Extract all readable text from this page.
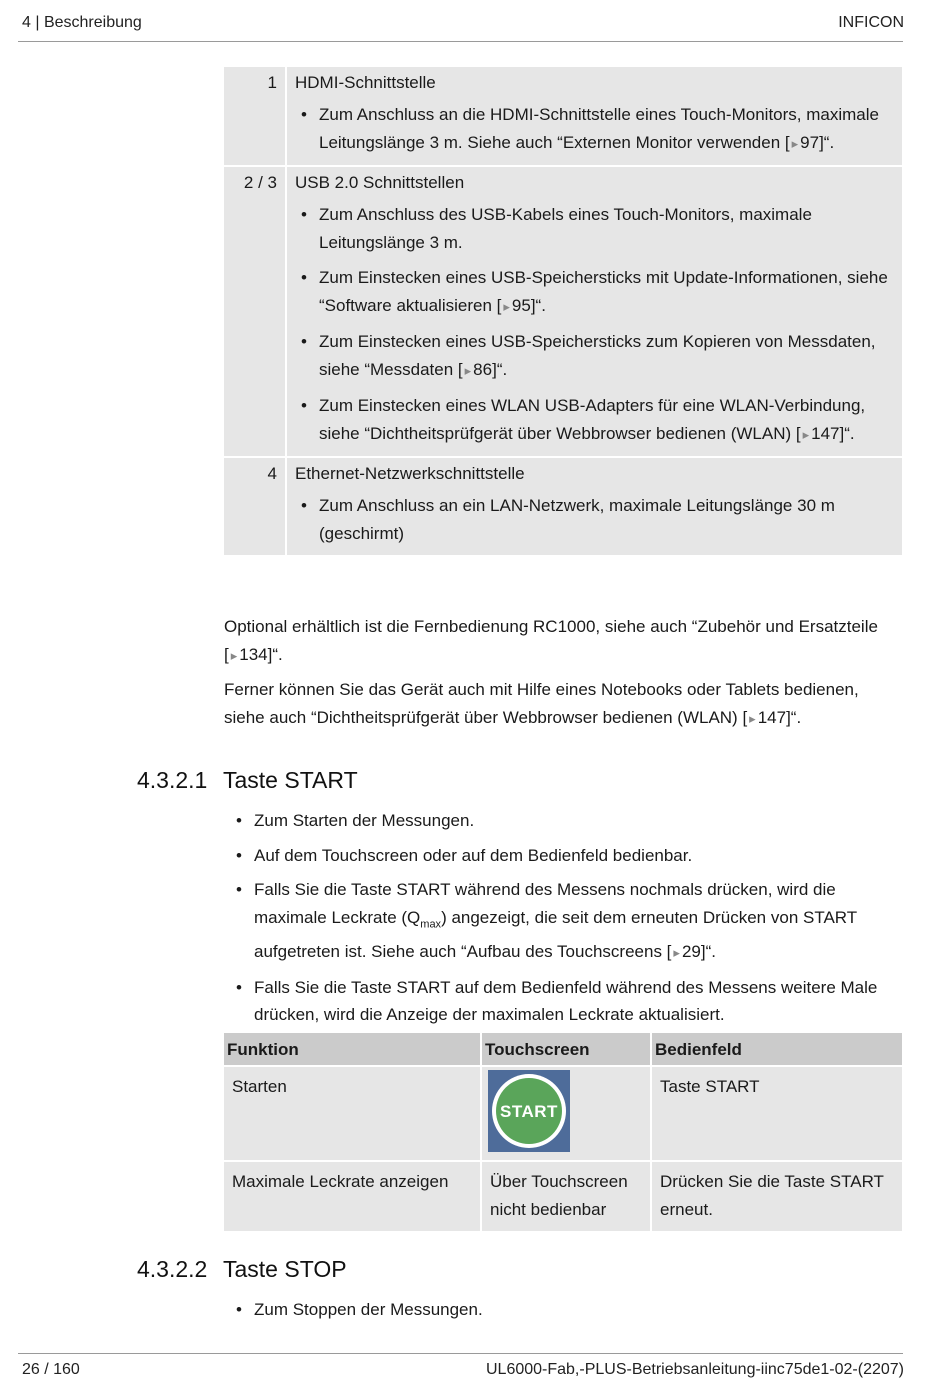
4 | Beschreibung	INFICON
1	HDMI-Schnittstelle
• Zum Anschluss an die HDMI-Schnittstelle eines Touch-Monitors, maximale Leitungslänge 3 m. Siehe auch “Externen Monitor verwenden [ ▸ 97]“.

2 / 3	USB 2.0 Schnittstellen
• Zum Anschluss des USB-Kabels eines Touch-Monitors, maximale Leitungslänge 3 m.
• Zum Einstecken eines USB-Speichersticks mit Update-Informationen, siehe “Software aktualisieren [ ▸ 95]“.
• Zum Einstecken eines USB-Speichersticks zum Kopieren von Messdaten, siehe “Messdaten [ ▸ 86]“.
• Zum Einstecken eines WLAN USB-Adapters für eine WLAN-Verbindung, siehe “Dichtheitsprüfgerät über Webbrowser bedienen (WLAN) [ ▸ 147]“.

4	Ethernet-Netzwerkschnittstelle
• Zum Anschluss an ein LAN-Netzwerk, maximale Leitungslänge 30 m (geschirmt)
Optional erhältlich ist die Fernbedienung RC1000, siehe auch “Zubehör und Ersatzteile [ ▸ 134]“.
Ferner können Sie das Gerät auch mit Hilfe eines Notebooks oder Tablets bedienen, siehe auch “Dichtheitsprüfgerät über Webbrowser bedienen (WLAN) [ ▸ 147]“.
4.3.2.1 Taste START
• Zum Starten der Messungen.
• Auf dem Touchscreen oder auf dem Bedienfeld bedienbar.
• Falls Sie die Taste START während des Messens nochmals drücken, wird die maximale Leckrate $(Q_{max})$ angezeigt, die seit dem erneuten Drücken von START aufgetreten ist. Siehe auch “Aufbau des Touchscreens [ ▸ 29]“.
• Falls Sie die Taste START auf dem Bedienfeld während des Messens weitere Male drücken, wird die Anzeige der maximalen Leckrate aktualisiert.
Funktion	Touchscreen	Bedienfeld
Starten	START	Taste START
Maximale Leckrate anzeigen	Über Touchscreen nicht bedienbar	Drücken Sie die Taste START erneut.
4.3.2.2 Taste STOP
• Zum Stoppen der Messungen.
26 / 160	UL6000-Fab,-PLUS-Betriebsanleitung-iinc75de1-02-(2207)
